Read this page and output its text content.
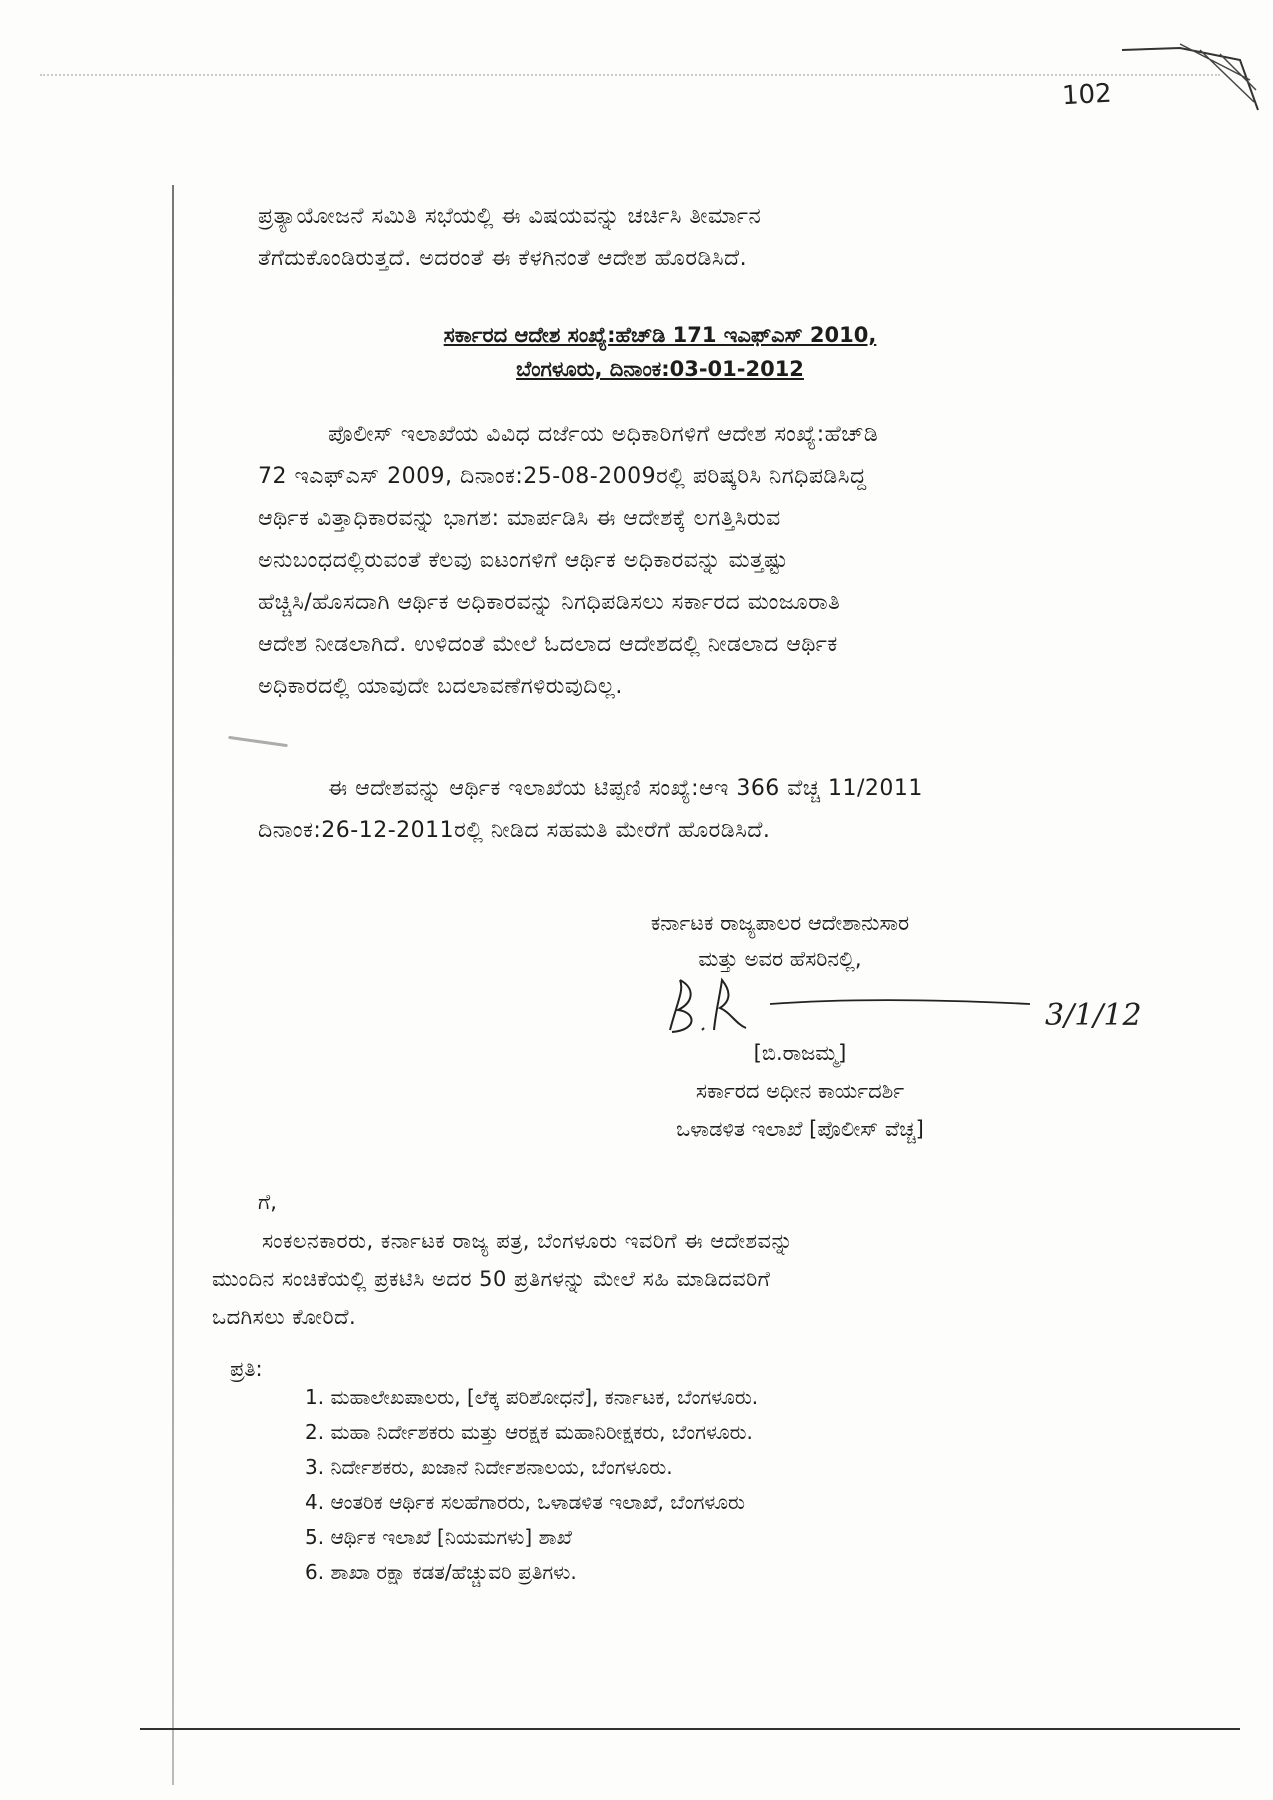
102
ಪ್ರತ್ಯಾಯೋಜನೆ ಸಮಿತಿ ಸಭೆಯಲ್ಲಿ ಈ ವಿಷಯವನ್ನು ಚರ್ಚಿಸಿ ತೀರ್ಮಾನ
ತೆಗೆದುಕೊಂಡಿರುತ್ತದೆ. ಅದರಂತೆ ಈ ಕೆಳಗಿನಂತೆ ಆದೇಶ ಹೊರಡಿಸಿದೆ.
ಸರ್ಕಾರದ ಆದೇಶ ಸಂಖ್ಯೆ:ಹೆಚ್‌ಡಿ 171 ಇಎಫ್‌ಎಸ್ 2010,
ಬೆಂಗಳೂರು, ದಿನಾಂಕ:03-01-2012
ಪೊಲೀಸ್ ಇಲಾಖೆಯ ವಿವಿಧ ದರ್ಜೆಯ ಅಧಿಕಾರಿಗಳಿಗೆ ಆದೇಶ ಸಂಖ್ಯೆ:ಹೆಚ್‌ಡಿ
72 ಇಎಫ್‌ಎಸ್ 2009, ದಿನಾಂಕ:25-08-2009ರಲ್ಲಿ ಪರಿಷ್ಕರಿಸಿ ನಿಗಧಿಪಡಿಸಿದ್ದ
ಆರ್ಥಿಕ ವಿತ್ತಾಧಿಕಾರವನ್ನು ಭಾಗಶ: ಮಾರ್ಪಡಿಸಿ ಈ ಆದೇಶಕ್ಕೆ ಲಗತ್ತಿಸಿರುವ
ಅನುಬಂಧದಲ್ಲಿರುವಂತೆ ಕೆಲವು ಐಟಂಗಳಿಗೆ ಆರ್ಥಿಕ ಅಧಿಕಾರವನ್ನು ಮತ್ತಷ್ಟು
ಹೆಚ್ಚಿಸಿ/ಹೊಸದಾಗಿ ಆರ್ಥಿಕ ಅಧಿಕಾರವನ್ನು ನಿಗಧಿಪಡಿಸಲು ಸರ್ಕಾರದ ಮಂಜೂರಾತಿ
ಆದೇಶ ನೀಡಲಾಗಿದೆ. ಉಳಿದಂತೆ ಮೇಲೆ ಓದಲಾದ ಆದೇಶದಲ್ಲಿ ನೀಡಲಾದ ಆರ್ಥಿಕ
ಅಧಿಕಾರದಲ್ಲಿ ಯಾವುದೇ ಬದಲಾವಣೆಗಳಿರುವುದಿಲ್ಲ.
ಈ ಆದೇಶವನ್ನು ಆರ್ಥಿಕ ಇಲಾಖೆಯ ಟಿಪ್ಪಣಿ ಸಂಖ್ಯೆ:ಆಇ 366 ವೆಚ್ಚ 11/2011
ದಿನಾಂಕ:26-12-2011ರಲ್ಲಿ ನೀಡಿದ ಸಹಮತಿ ಮೇರೆಗೆ ಹೊರಡಿಸಿದೆ.
ಕರ್ನಾಟಕ ರಾಜ್ಯಪಾಲರ ಆದೇಶಾನುಸಾರ
ಮತ್ತು ಅವರ ಹೆಸರಿನಲ್ಲಿ,
3/1/12
[ಬಿ.ರಾಜಮ್ಮ]
ಸರ್ಕಾರದ ಅಧೀನ ಕಾರ್ಯದರ್ಶಿ
ಒಳಾಡಳಿತ ಇಲಾಖೆ [ಪೊಲೀಸ್ ವೆಚ್ಚ]
ಗೆ,
ಸಂಕಲನಕಾರರು, ಕರ್ನಾಟಕ ರಾಜ್ಯ ಪತ್ರ, ಬೆಂಗಳೂರು ಇವರಿಗೆ ಈ ಆದೇಶವನ್ನು
ಮುಂದಿನ ಸಂಚಿಕೆಯಲ್ಲಿ ಪ್ರಕಟಿಸಿ ಅದರ 50 ಪ್ರತಿಗಳನ್ನು ಮೇಲೆ ಸಹಿ ಮಾಡಿದವರಿಗೆ
ಒದಗಿಸಲು ಕೋರಿದೆ.
ಪ್ರತಿ:
1. ಮಹಾಲೇಖಪಾಲರು, [ಲೆಕ್ಕ ಪರಿಶೋಧನೆ], ಕರ್ನಾಟಕ, ಬೆಂಗಳೂರು.
2. ಮಹಾ ನಿರ್ದೇಶಕರು ಮತ್ತು ಆರಕ್ಷಕ ಮಹಾನಿರೀಕ್ಷಕರು, ಬೆಂಗಳೂರು.
3. ನಿರ್ದೇಶಕರು, ಖಜಾನೆ ನಿರ್ದೇಶನಾಲಯ, ಬೆಂಗಳೂರು.
4. ಆಂತರಿಕ ಆರ್ಥಿಕ ಸಲಹೆಗಾರರು, ಒಳಾಡಳಿತ ಇಲಾಖೆ, ಬೆಂಗಳೂರು
5. ಆರ್ಥಿಕ ಇಲಾಖೆ [ನಿಯಮಗಳು] ಶಾಖೆ
6. ಶಾಖಾ ರಕ್ಷಾ ಕಡತ/ಹೆಚ್ಚುವರಿ ಪ್ರತಿಗಳು.
